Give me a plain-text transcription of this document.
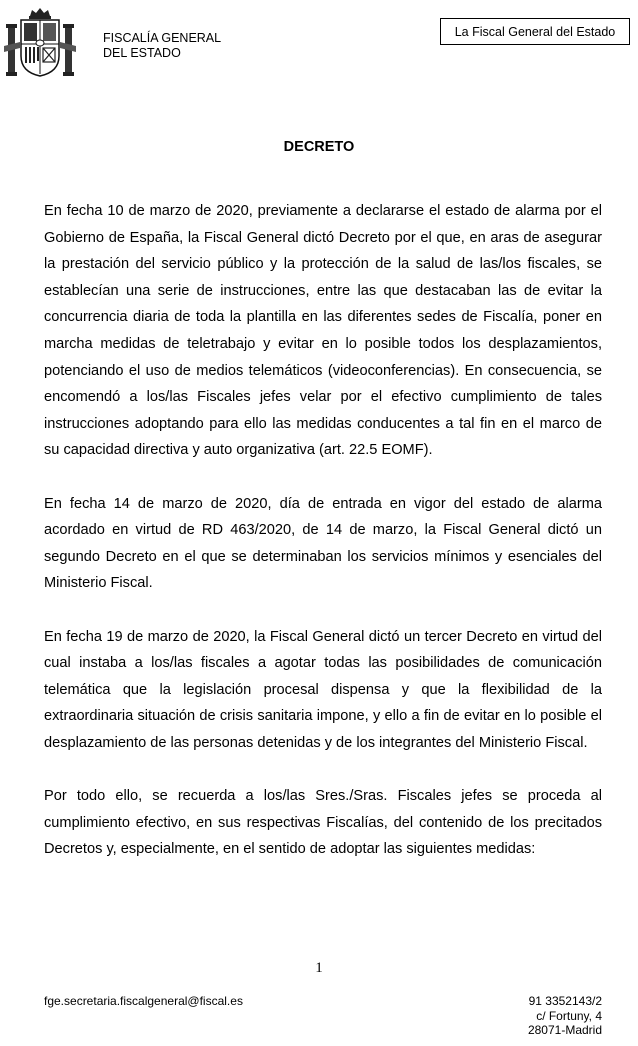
FISCALÍA GENERAL
DEL ESTADO
La Fiscal General del Estado
DECRETO

En fecha 10 de marzo de 2020, previamente a declararse el estado de alarma por el Gobierno de España, la Fiscal General dictó Decreto por el que, en aras de asegurar la prestación del servicio público y la protección de la salud de las/los fiscales, se establecían una serie de instrucciones, entre las que destacaban las de evitar la concurrencia diaria de toda la plantilla en las diferentes sedes de Fiscalía, poner en marcha medidas de teletrabajo y evitar en lo posible todos los desplazamientos, potenciando el uso de medios telemáticos (videoconferencias). En consecuencia, se encomendó a los/las Fiscales jefes velar por el efectivo cumplimiento de tales instrucciones adoptando para ello las medidas conducentes a tal fin en el marco de su capacidad directiva y auto organizativa (art. 22.5 EOMF).

En fecha 14 de marzo de 2020, día de entrada en vigor del estado de alarma acordado en virtud de RD 463/2020, de 14 de marzo, la Fiscal General dictó un segundo Decreto en el que se determinaban los servicios mínimos y esenciales del Ministerio Fiscal.

En fecha 19 de marzo de 2020, la Fiscal General dictó un tercer Decreto en virtud del cual instaba a los/las fiscales a agotar todas las posibilidades de comunicación telemática que la legislación procesal dispensa y que la flexibilidad de la extraordinaria situación de crisis sanitaria impone, y ello a fin de evitar en lo posible el desplazamiento de las personas detenidas y de los integrantes del Ministerio Fiscal.

Por todo ello, se recuerda a los/las Sres./Sras. Fiscales jefes se proceda al cumplimiento efectivo, en sus respectivas Fiscalías, del contenido de los precitados Decretos y, especialmente, en el sentido de adoptar las siguientes medidas:

1
fge.secretaria.fiscalgeneral@fiscal.es	91 3352143/2
c/ Fortuny, 4
28071-Madrid
